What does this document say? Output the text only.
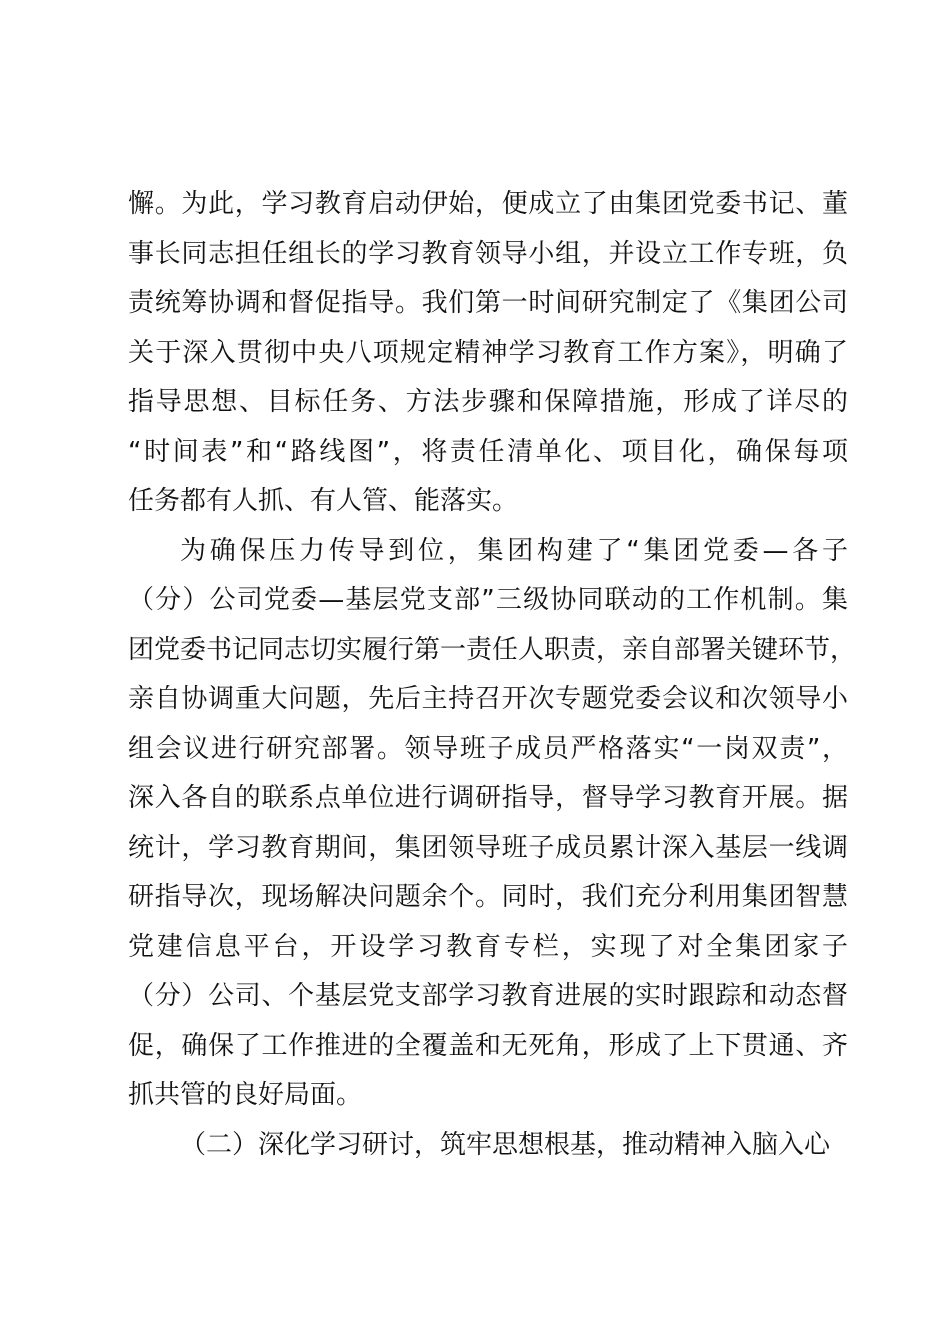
懈。为此，学习教育启动伊始，便成立了由集团党委书记、董
事长同志担任组长的学习教育领导小组，并设立工作专班，负
责统筹协调和督促指导。我们第一时间研究制定了《集团公司
关于深入贯彻中央八项规定精神学习教育工作方案》，明确了
指导思想、目标任务、方法步骤和保障措施，形成了详尽的
“时间表”和“路线图”，将责任清单化、项目化，确保每项
任务都有人抓、有人管、能落实。
为确保压力传导到位，集团构建了“集团党委—各子
（分）公司党委—基层党支部”三级协同联动的工作机制。集
团党委书记同志切实履行第一责任人职责，亲自部署关键环节，
亲自协调重大问题，先后主持召开次专题党委会议和次领导小
组会议进行研究部署。领导班子成员严格落实“一岗双责”，
深入各自的联系点单位进行调研指导，督导学习教育开展。据
统计，学习教育期间，集团领导班子成员累计深入基层一线调
研指导次，现场解决问题余个。同时，我们充分利用集团智慧
党建信息平台，开设学习教育专栏，实现了对全集团家子
（分）公司、个基层党支部学习教育进展的实时跟踪和动态督
促，确保了工作推进的全覆盖和无死角，形成了上下贯通、齐
抓共管的良好局面。
（二）深化学习研讨，筑牢思想根基，推动精神入脑入心
